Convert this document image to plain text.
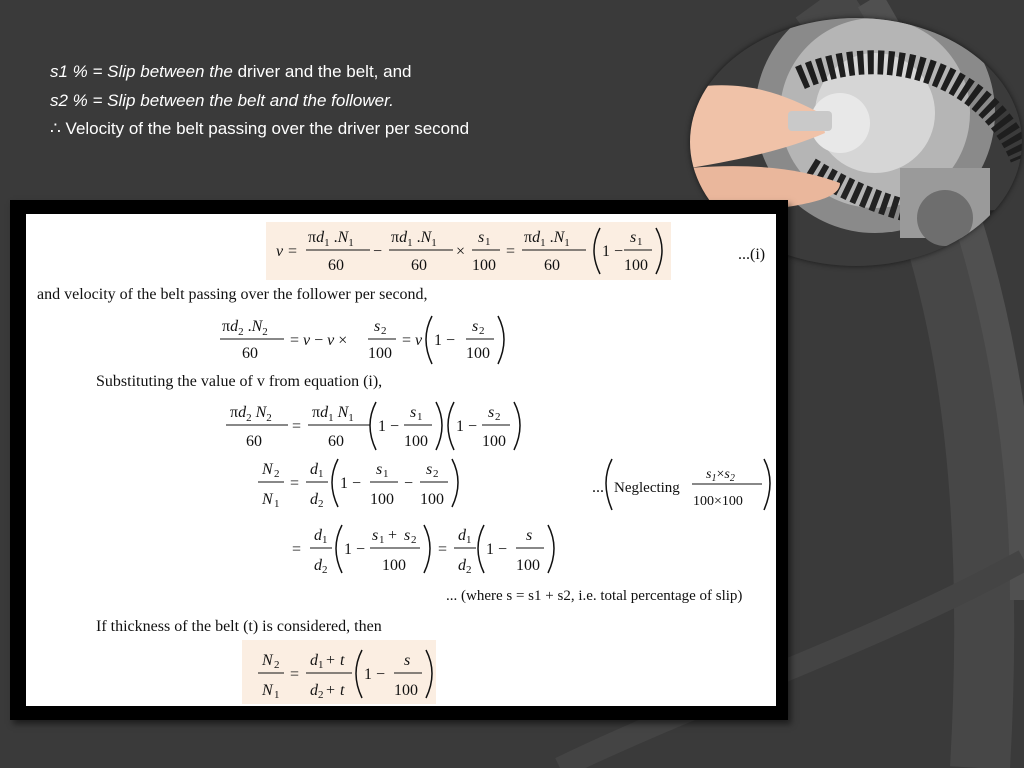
s1 % = Slip between the driver and the belt, and
s2 % = Slip between the belt and the follower.
∴ Velocity of the belt passing over the driver per second
v =
$\pi d_1$ $.N_1$
60
−
$\pi d_1$ $.N_1$
60
×
s 1
100
=
$\pi d_1$ $.N_1$
60
1 −
s 1
100
...(i)
and velocity of the belt passing over the follower per second,
$\pi d_2$ $.N_2$
60
= v − v ×
s 2
100
= v 1 −
s 2
100
Substituting the value of v from equation (i),
$\pi d_2$ $N_2$
60
=
$\pi d_1$ $N_1$
60
1 −
s 1
100
1 −
s 2
100
N 2
N 1
=
d 1
d 2
1 −
s 1
100
−
s 2
100
... Neglecting
$s_1\times s_2$
100×100
=
d 1
d 2
1 −
s 1 + s 2
100
=
d 1
d 2
1 −
s
100
... (where s = s1 + s2, i.e. total percentage of slip)
If thickness of the belt (t) is considered, then
N 2
N 1
=
d 1 + t
d 2 + t
1 −
s
100
